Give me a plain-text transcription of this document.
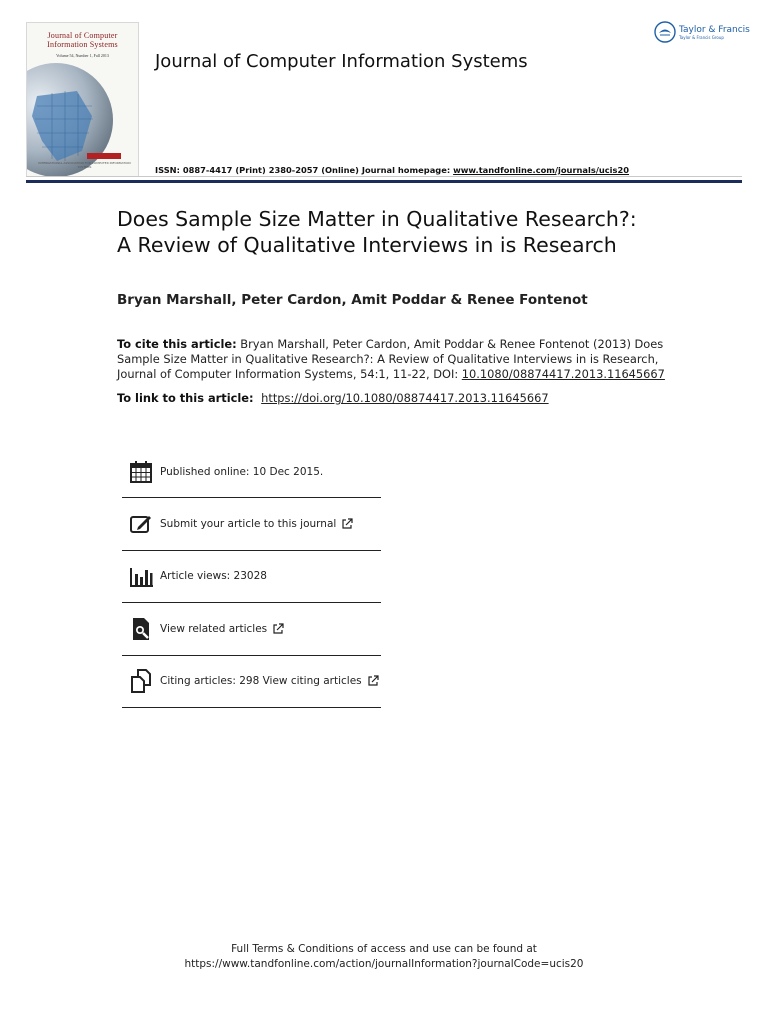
Journal of Computer
Information Systems
Volume 54, Number 1, Fall 2013
INTERNATIONAL ASSOCIATION FOR COMPUTER INFORMATION SYSTEMS
Journal of Computer Information Systems
Taylor & Francis
Taylor & Francis Group
ISSN: 0887-4417 (Print) 2380-2057 (Online) Journal homepage: www.tandfonline.com/journals/ucis20
Does Sample Size Matter in Qualitative Research?:
A Review of Qualitative Interviews in is Research
Bryan Marshall, Peter Cardon, Amit Poddar & Renee Fontenot
To cite this article: Bryan Marshall, Peter Cardon, Amit Poddar & Renee Fontenot (2013) Does Sample Size Matter in Qualitative Research?: A Review of Qualitative Interviews in is Research, Journal of Computer Information Systems, 54:1, 11-22, DOI: 10.1080/08874417.2013.11645667
To link to this article:  https://doi.org/10.1080/08874417.2013.11645667
Published online: 10 Dec 2015.
Submit your article to this journal
Article views: 23028
View related articles
Citing articles: 298 View citing articles
Full Terms & Conditions of access and use can be found at
https://www.tandfonline.com/action/journalInformation?journalCode=ucis20
